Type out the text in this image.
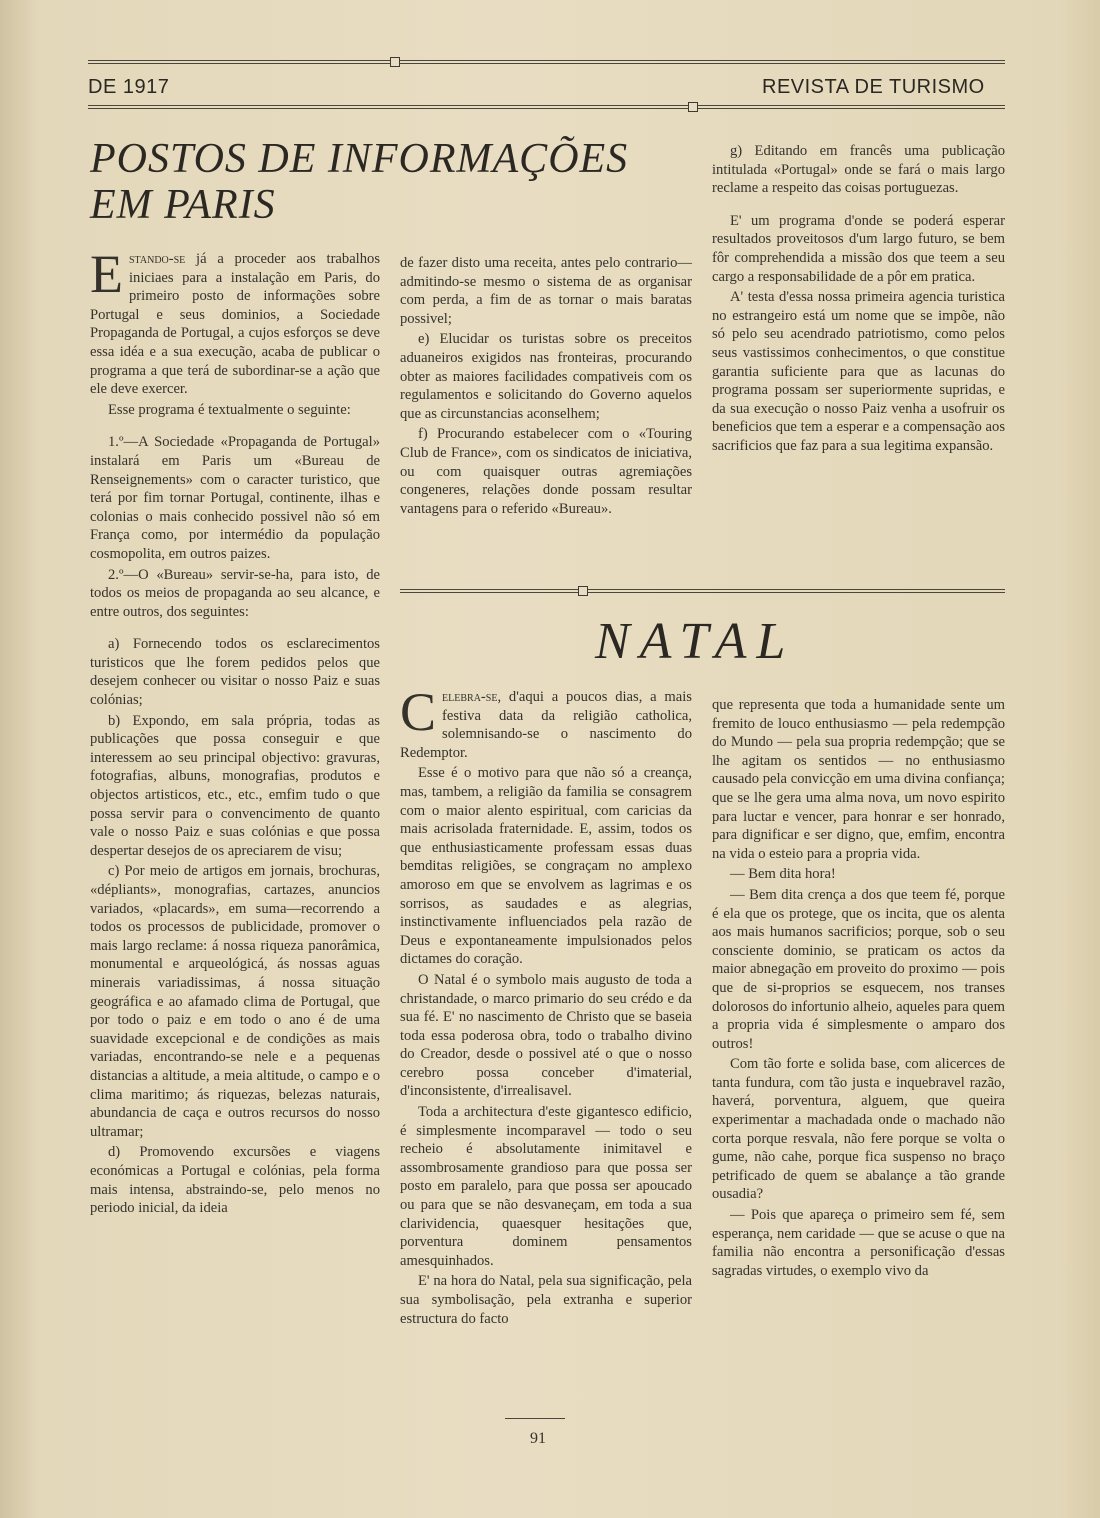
DE 1917	REVISTA DE TURISMO
POSTOS DE INFORMAÇÕES
EM PARIS

Estando-se já a proceder aos trabalhos iniciaes para a instalação em Paris, do primeiro posto de informações sobre Portugal e seus dominios, a Sociedade Propaganda de Portugal, a cujos esforços se deve essa idéa e a sua execução, acaba de publicar o programa a que terá de subordinar-se a ação que ele deve exercer.

Esse programa é textualmente o seguinte:

1.º—A Sociedade «Propaganda de Portugal» instalará em Paris um «Bureau de Renseignements» com o caracter turistico, que terá por fim tornar Portugal, continente, ilhas e colonias o mais conhecido possivel não só em França como, por intermédio da população cosmopolita, em outros paizes.

2.º—O «Bureau» servir-se-ha, para isto, de todos os meios de propaganda ao seu alcance, e entre outros, dos seguintes:

a) Fornecendo todos os esclarecimentos turisticos que lhe forem pedidos pelos que desejem conhecer ou visitar o nosso Paiz e suas colónias;

b) Expondo, em sala própria, todas as publicações que possa conseguir e que interessem ao seu principal objectivo: gravuras, fotografias, albuns, monografias, produtos e objectos artisticos, etc., etc., emfim tudo o que possa servir para o convencimento de quanto vale o nosso Paiz e suas colónias e que possa despertar desejos de os apreciarem de visu;

c) Por meio de artigos em jornais, brochuras, «dépliants», monografias, cartazes, anuncios variados, «placards», em suma—recorrendo a todos os processos de publicidade, promover o mais largo reclame: á nossa riqueza panorâmica, monumental e arqueológicá, ás nossas aguas minerais variadissimas, á nossa situação geográfica e ao afamado clima de Portugal, que por todo o paiz e em todo o ano é de uma suavidade excepcional e de condições as mais variadas, encontrando-se nele e a pequenas distancias a altitude, a meia altitude, o campo e o clima maritimo; ás riquezas, belezas naturais, abundancia de caça e outros recursos do nosso ultramar;

d) Promovendo excursões e viagens económicas a Portugal e colónias, pela forma mais intensa, abstraindo-se, pelo menos no periodo inicial, da ideia

de fazer disto uma receita, antes pelo contrario—admitindo-se mesmo o sistema de as organisar com perda, a fim de as tornar o mais baratas possivel;

e) Elucidar os turistas sobre os preceitos aduaneiros exigidos nas fronteiras, procurando obter as maiores facilidades compativeis com os regulamentos e solicitando do Governo aquelos que as circunstancias aconselhem;

f) Procurando estabelecer com o «Touring Club de France», com os sindicatos de iniciativa, ou com quaisquer outras agremiações congeneres, relações donde possam resultar vantagens para o referido «Bureau».

g) Editando em francês uma publicação intitulada «Portugal» onde se fará o mais largo reclame a respeito das coisas portuguezas.

E' um programa d'onde se poderá esperar resultados proveitosos d'um largo futuro, se bem fôr comprehendida a missão dos que teem a seu cargo a responsabilidade de a pôr em pratica.

A' testa d'essa nossa primeira agencia turistica no estrangeiro está um nome que se impõe, não só pelo seu acendrado patriotismo, como pelos seus vastissimos conhecimentos, o que constitue garantia suficiente para que as lacunas do programa possam ser superiormente supridas, e da sua execução o nosso Paiz venha a usofruir os beneficios que tem a esperar e a compensação aos sacrificios que faz para a sua legitima expansão.

NATAL

Celebra-se, d'aqui a poucos dias, a mais festiva data da religião catholica, solemnisando-se o nascimento do Redemptor.

Esse é o motivo para que não só a creança, mas, tambem, a religião da familia se consagrem com o maior alento espiritual, com caricias da mais acrisolada fraternidade. E, assim, todos os que enthusiasticamente professam essas duas bemditas religiões, se congraçam no amplexo amoroso em que se envolvem as lagrimas e os sorrisos, as saudades e as alegrias, instinctivamente influenciados pela razão de Deus e expontaneamente impulsionados pelos dictames do coração.

O Natal é o symbolo mais augusto de toda a christandade, o marco primario do seu crédo e da sua fé. E' no nascimento de Christo que se baseia toda essa poderosa obra, todo o trabalho divino do Creador, desde o possivel até o que o nosso cerebro possa conceber d'imaterial, d'inconsistente, d'irrealisavel.

Toda a architectura d'este gigantesco edificio, é simplesmente incomparavel — todo o seu recheio é absolutamente inimitavel e assombrosamente grandioso para que possa ser posto em paralelo, para que possa ser apoucado ou para que se não desvaneçam, em toda a sua clarividencia, quaesquer hesitações que, porventura dominem pensamentos amesquinhados.

E' na hora do Natal, pela sua significação, pela sua symbolisação, pela extranha e superior estructura do facto

que representa que toda a humanidade sente um fremito de louco enthusiasmo — pela redempção do Mundo — pela sua propria redempção; que se lhe agitam os sentidos — no enthusiasmo causado pela convicção em uma divina confiança; que se lhe gera uma alma nova, um novo espirito para luctar e vencer, para honrar e ser honrado, para dignificar e ser digno, que, emfim, encontra na vida o esteio para a propria vida.

— Bem dita hora!

— Bem dita crença a dos que teem fé, porque é ela que os protege, que os incita, que os alenta aos mais humanos sacrificios; porque, sob o seu consciente dominio, se praticam os actos da maior abnegação em proveito do proximo — pois que de si-proprios se esquecem, nos transes dolorosos do infortunio alheio, aqueles para quem a propria vida é simplesmente o amparo dos outros!

Com tão forte e solida base, com alicerces de tanta fundura, com tão justa e inquebravel razão, haverá, porventura, alguem, que queira experimentar a machadada onde o machado não corta porque resvala, não fere porque se volta o gume, não cahe, porque fica suspenso no braço petrificado de quem se abalançe a tão grande ousadia?

— Pois que apareça o primeiro sem fé, sem esperança, nem caridade — que se acuse o que na familia não encontra a personificação d'essas sagradas virtudes, o exemplo vivo da

91
